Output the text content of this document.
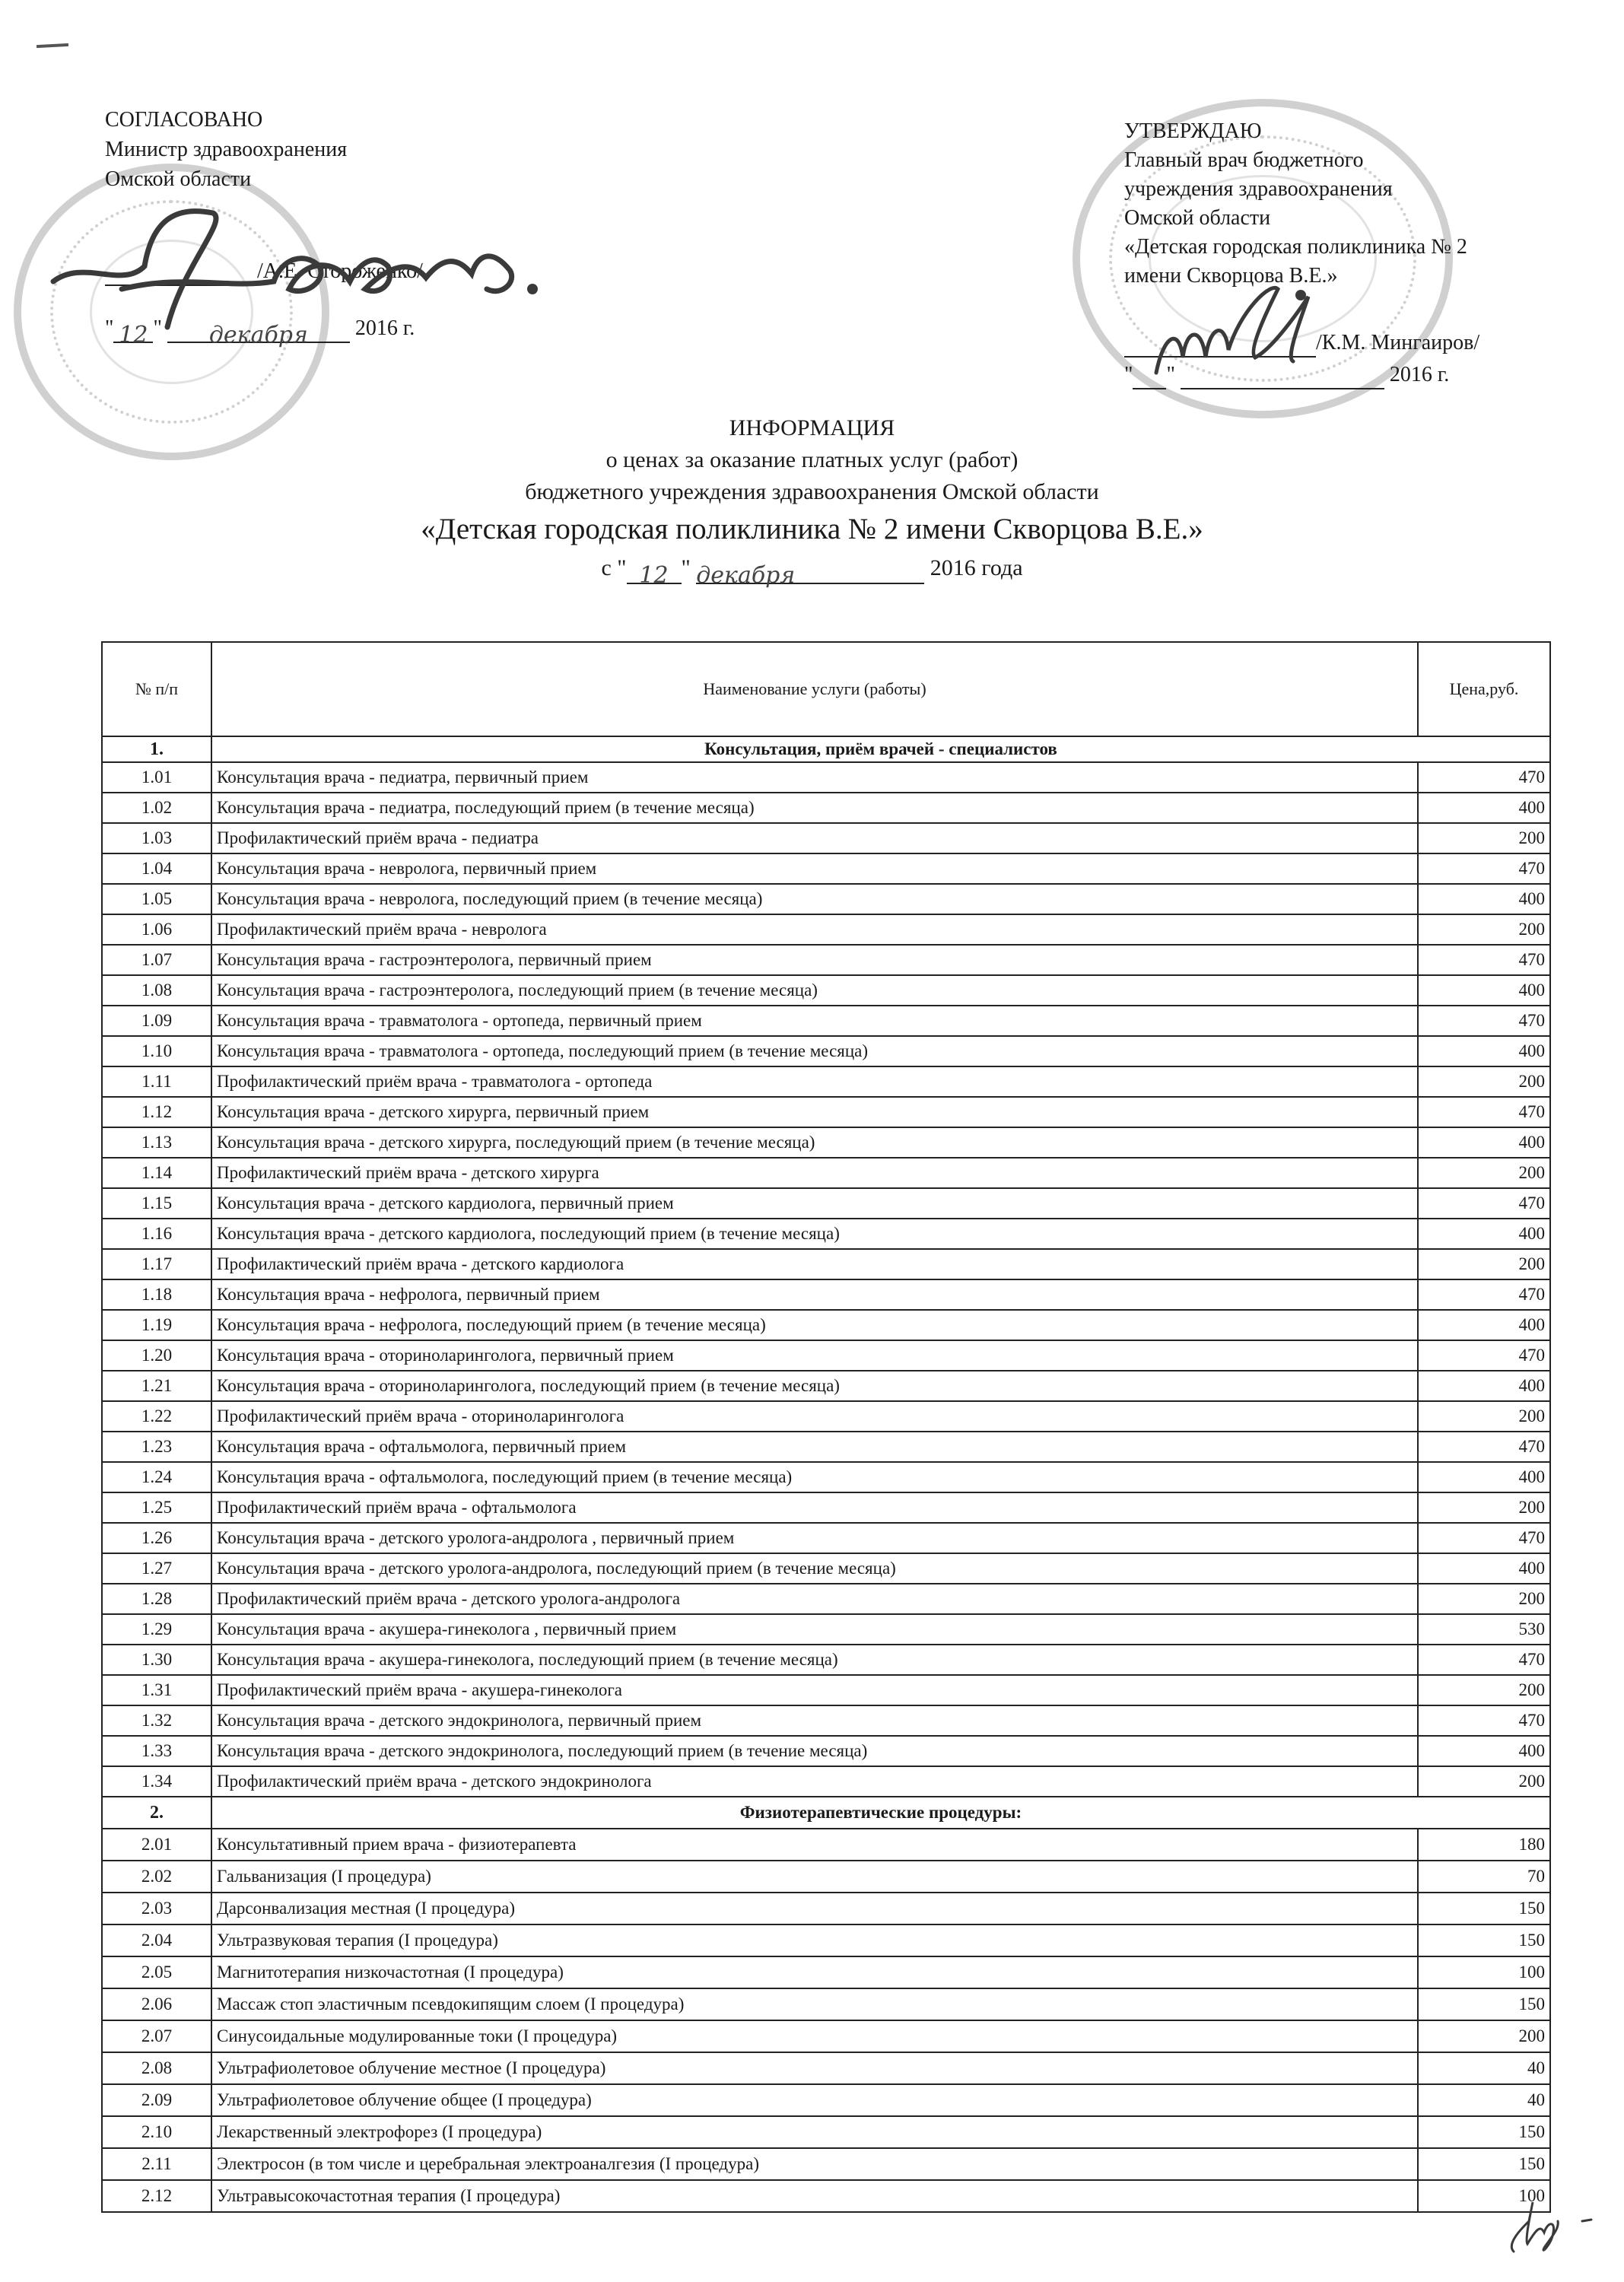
СОГЛАСОВАНО
Министр здравоохранения
Омской области
/А.Е. Стороженко/
" 12 " декабря 2016 г.
УТВЕРЖДАЮ
Главный врач бюджетного
учреждения здравоохранения
Омской области
«Детская городская поликлиника № 2
имени Скворцова В.Е.»
/К.М. Мингаиров/
" "	2016 г.
ИНФОРМАЦИЯ
о ценах за оказание платных услуг (работ)
бюджетного учреждения здравоохранения Омской области
«Детская городская поликлиника № 2 имени Скворцова В.Е.»
с " 12 " декабря	2016 года
№ п/п	Наименование услуги (работы)	Цена,руб.
1.	Консультация, приём врачей - специалистов	
1.01	Консультация врача - педиатра, первичный прием	470
1.02	Консультация врача - педиатра, последующий прием (в течение месяца)	400
1.03	Профилактический приём врача - педиатра	200
1.04	Консультация врача - невролога, первичный прием	470
1.05	Консультация врача - невролога, последующий прием (в течение месяца)	400
1.06	Профилактический приём врача - невролога	200
1.07	Консультация врача - гастроэнтеролога, первичный прием	470
1.08	Консультация врача - гастроэнтеролога, последующий прием (в течение месяца)	400
1.09	Консультация врача - травматолога - ортопеда, первичный прием	470
1.10	Консультация врача - травматолога - ортопеда, последующий прием (в течение месяца)	400
1.11	Профилактический приём врача - травматолога - ортопеда	200
1.12	Консультация врача - детского хирурга, первичный прием	470
1.13	Консультация врача - детского хирурга, последующий прием (в течение месяца)	400
1.14	Профилактический приём врача - детского хирурга	200
1.15	Консультация врача - детского кардиолога, первичный прием	470
1.16	Консультация врача - детского кардиолога, последующий прием (в течение месяца)	400
1.17	Профилактический приём врача - детского кардиолога	200
1.18	Консультация врача - нефролога, первичный прием	470
1.19	Консультация врача - нефролога, последующий прием (в течение месяца)	400
1.20	Консультация врача - оториноларинголога, первичный прием	470
1.21	Консультация врача - оториноларинголога, последующий прием (в течение месяца)	400
1.22	Профилактический приём врача - оториноларинголога	200
1.23	Консультация врача - офтальмолога, первичный прием	470
1.24	Консультация врача - офтальмолога, последующий прием (в течение месяца)	400
1.25	Профилактический приём врача - офтальмолога	200
1.26	Консультация врача - детского уролога-андролога , первичный прием	470
1.27	Консультация врача - детского уролога-андролога, последующий прием (в течение месяца)	400
1.28	Профилактический приём врача - детского уролога-андролога	200
1.29	Консультация врача - акушера-гинеколога , первичный прием	530
1.30	Консультация врача - акушера-гинеколога, последующий прием (в течение месяца)	470
1.31	Профилактический приём врача - акушера-гинеколога	200
1.32	Консультация врача - детского эндокринолога, первичный прием	470
1.33	Консультация врача - детского эндокринолога, последующий прием (в течение месяца)	400
1.34	Профилактический приём врача - детского эндокринолога	200
2.	Физиотерапевтические процедуры:	
2.01	Консультативный прием врача - физиотерапевта	180
2.02	Гальванизация (I процедура)	70
2.03	Дарсонвализация местная (I процедура)	150
2.04	Ультразвуковая терапия (I процедура)	150
2.05	Магнитотерапия низкочастотная (I процедура)	100
2.06	Массаж стоп эластичным псевдокипящим слоем (I процедура)	150
2.07	Синусоидальные модулированные токи (I процедура)	200
2.08	Ультрафиолетовое облучение местное (I процедура)	40
2.09	Ультрафиолетовое облучение общее (I процедура)	40
2.10	Лекарственный электрофорез (I процедура)	150
2.11	Электросон (в том числе и церебральная электроаналгезия (I процедура)	150
2.12	Ультравысокочастотная терапия (I процедура)	100
